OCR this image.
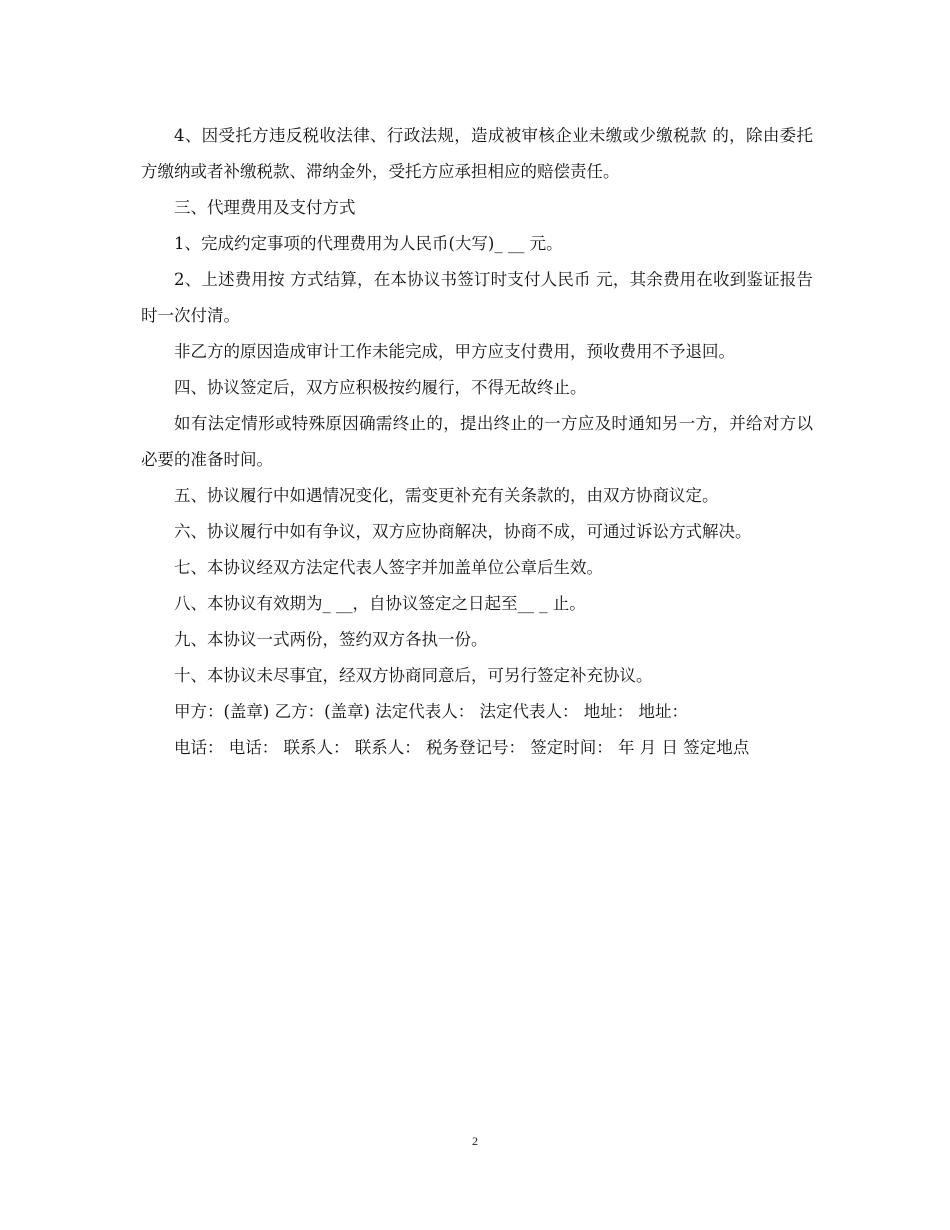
4、因受托方违反税收法律、行政法规，造成被审核企业未缴或少缴税款 的，除由委托方缴纳或者补缴税款、滞纳金外，受托方应承担相应的赔偿责任。

三、代理费用及支付方式

1、完成约定事项的代理费用为人民币(大写)_ __ 元。

2、上述费用按 方式结算，在本协议书签订时支付人民币 元，其余费用在收到鉴证报告时一次付清。

非乙方的原因造成审计工作未能完成，甲方应支付费用，预收费用不予退回。

四、协议签定后，双方应积极按约履行，不得无故终止。

如有法定情形或特殊原因确需终止的，提出终止的一方应及时通知另一方，并给对方以必要的准备时间。

五、协议履行中如遇情况变化，需变更补充有关条款的，由双方协商议定。

六、协议履行中如有争议，双方应协商解决，协商不成，可通过诉讼方式解决。

七、本协议经双方法定代表人签字并加盖单位公章后生效。

八、本协议有效期为_ __，自协议签定之日起至__ _ 止。

九、本协议一式两份，签约双方各执一份。

十、本协议未尽事宜，经双方协商同意后，可另行签定补充协议。

甲方：(盖章) 乙方：(盖章) 法定代表人： 法定代表人： 地址： 地址：

电话： 电话： 联系人： 联系人： 税务登记号： 签定时间： 年 月 日 签定地点

2
